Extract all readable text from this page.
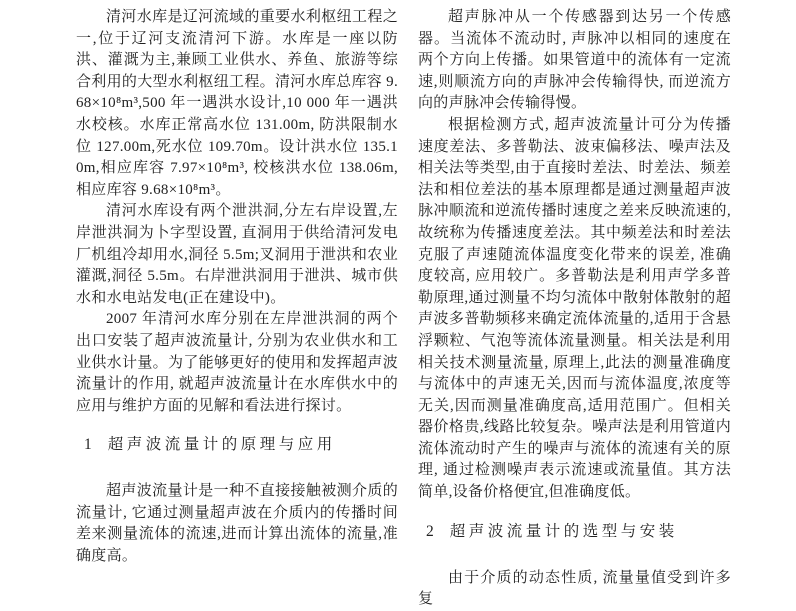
清河水库是辽河流域的重要水利枢纽工程之一,位于辽河支流清河下游。水库是一座以防洪、灌溉为主,兼顾工业供水、养鱼、旅游等综合利用的大型水利枢纽工程。清河水库总库容 9.68×10⁸m³,500 年一遇洪水设计,10 000 年一遇洪水校核。水库正常高水位 131.00m, 防洪限制水位 127.00m,死水位 109.70m。设计洪水位 135.10m,相应库容 7.97×10⁸m³, 校核洪水位 138.06m,相应库容 9.68×10⁸m³。

清河水库设有两个泄洪洞,分左右岸设置,左岸泄洪洞为卜字型设置, 直洞用于供给清河发电厂机组冷却用水,洞径 5.5m;叉洞用于泄洪和农业灌溉,洞径 5.5m。右岸泄洪洞用于泄洪、城市供水和水电站发电(正在建设中)。

2007 年清河水库分别在左岸泄洪洞的两个出口安装了超声波流量计, 分别为农业供水和工业供水计量。为了能够更好的使用和发挥超声波流量计的作用, 就超声波流量计在水库供水中的应用与维护方面的见解和看法进行探讨。

1 超声波流量计的原理与应用

超声波流量计是一种不直接接触被测介质的流量计, 它通过测量超声波在介质内的传播时间差来测量流体的流速,进而计算出流体的流量,准确度高。

超声脉冲从一个传感器到达另一个传感器。当流体不流动时, 声脉冲以相同的速度在两个方向上传播。如果管道中的流体有一定流速,则顺流方向的声脉冲会传输得快, 而逆流方向的声脉冲会传输得慢。

根据检测方式, 超声波流量计可分为传播速度差法、多普勒法、波束偏移法、噪声法及相关法等类型,由于直接时差法、时差法、频差法和相位差法的基本原理都是通过测量超声波脉冲顺流和逆流传播时速度之差来反映流速的, 故统称为传播速度差法。其中频差法和时差法克服了声速随流体温度变化带来的误差, 准确度较高, 应用较广。多普勒法是利用声学多普勒原理,通过测量不均匀流体中散射体散射的超声波多普勒频移来确定流体流量的,适用于含悬浮颗粒、气泡等流体流量测量。相关法是利用相关技术测量流量, 原理上,此法的测量准确度与流体中的声速无关,因而与流体温度,浓度等无关,因而测量准确度高,适用范围广。但相关器价格贵,线路比较复杂。噪声法是利用管道内流体流动时产生的噪声与流体的流速有关的原理, 通过检测噪声表示流速或流量值。其方法简单,设备价格便宜,但准确度低。

2 超声波流量计的选型与安装

由于介质的动态性质, 流量量值受到许多复
